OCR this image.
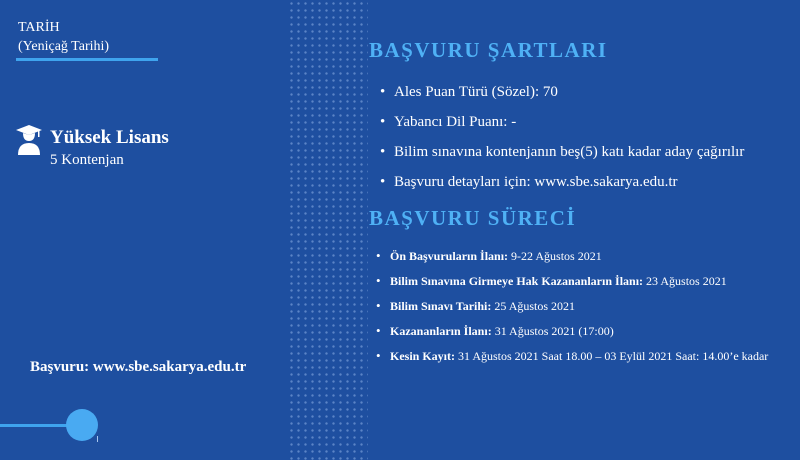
TARİH
(Yeniçağ Tarihi)
Yüksek Lisans
5 Kontenjan
Başvuru: www.sbe.sakarya.edu.tr
BAŞVURU ŞARTLARI
• Ales Puan Türü (Sözel): 70
• Yabancı Dil Puanı: -
• Bilim sınavına kontenjanın beş(5) katı kadar aday çağırılır
• Başvuru detayları için: www.sbe.sakarya.edu.tr
BAŞVURU SÜRECİ
• Ön Başvuruların İlanı: 9-22 Ağustos 2021
• Bilim Sınavına Girmeye Hak Kazananların İlanı: 23 Ağustos 2021
• Bilim Sınavı Tarihi: 25 Ağustos 2021
• Kazananların İlanı: 31 Ağustos 2021 (17:00)
• Kesin Kayıt: 31 Ağustos 2021 Saat 18.00 – 03 Eylül 2021 Saat: 14.00’e kadar
